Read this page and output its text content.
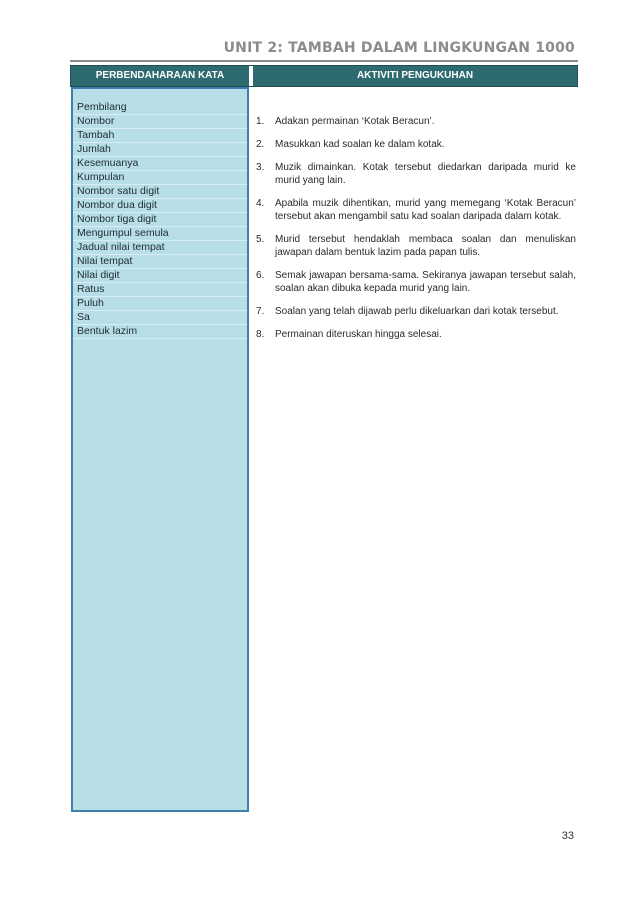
UNIT 2: TAMBAH DALAM LINGKUNGAN 1000
PERBENDAHARAAN KATA	AKTIVITI PENGUKUHAN
Pembilang
Nombor
Tambah
Jumlah
Kesemuanya
Kumpulan
Nombor satu digit
Nombor dua digit
Nombor tiga digit
Mengumpul semula
Jadual nilai tempat
Nilai tempat
Nilai digit
Ratus
Puluh
Sa
Bentuk lazim
1. Adakan permainan ‘Kotak Beracun’.
2. Masukkan kad soalan ke dalam kotak.
3. Muzik dimainkan. Kotak tersebut diedarkan daripada murid ke murid yang lain.
4. Apabila muzik dihentikan, murid yang memegang ‘Kotak Beracun’ tersebut akan mengambil satu kad soalan daripada dalam kotak.
5. Murid tersebut hendaklah membaca soalan dan menuliskan jawapan dalam bentuk lazim pada papan tulis.
6. Semak jawapan bersama-sama. Sekiranya jawapan tersebut salah, soalan akan dibuka kepada murid yang lain.
7. Soalan yang telah dijawab perlu dikeluarkan dari kotak tersebut.
8. Permainan diteruskan hingga selesai.
33
